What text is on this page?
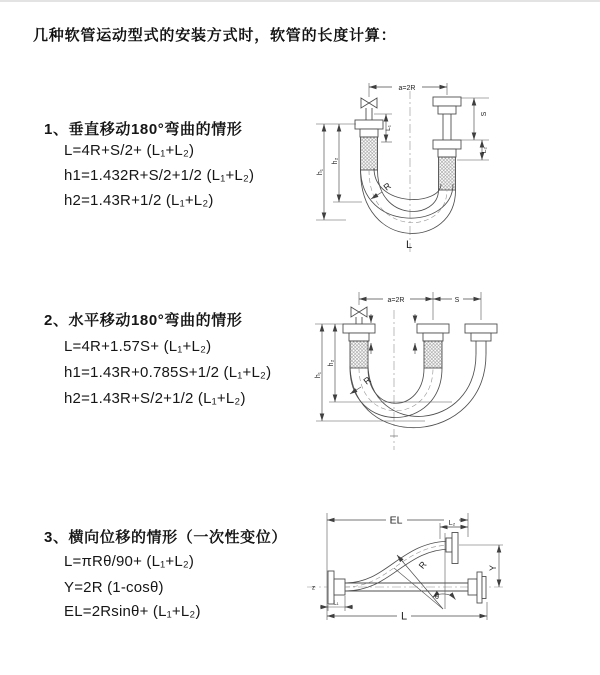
几种软管运动型式的安装方式时，软管的长度计算：
1、垂直移动180°弯曲的情形
L=4R+S/2+ (L₁+L₂)
h1=1.432R+S/2+1/2 (L₁+L₂)
h2=1.43R+1/2 (L₁+L₂)
2、水平移动180°弯曲的情形
L=4R+1.57S+ (L₁+L₂)
h1=1.43R+0.785S+1/2 (L₁+L₂)
h2=1.43R+S/2+1/2 (L₁+L₂)
3、横向位移的情形（一次性变位）
L=πRθ/90+ (L₁+L₂)
Y=2R (1-cosθ)
EL=2Rsinθ+ (L₁+L₂)
a=2R
S
L₂
L₁
h₁
h₂
R
L
a=2R	S
h₁
h₂
R
EL	L₂
Y
L₁
L
R
θ
z
